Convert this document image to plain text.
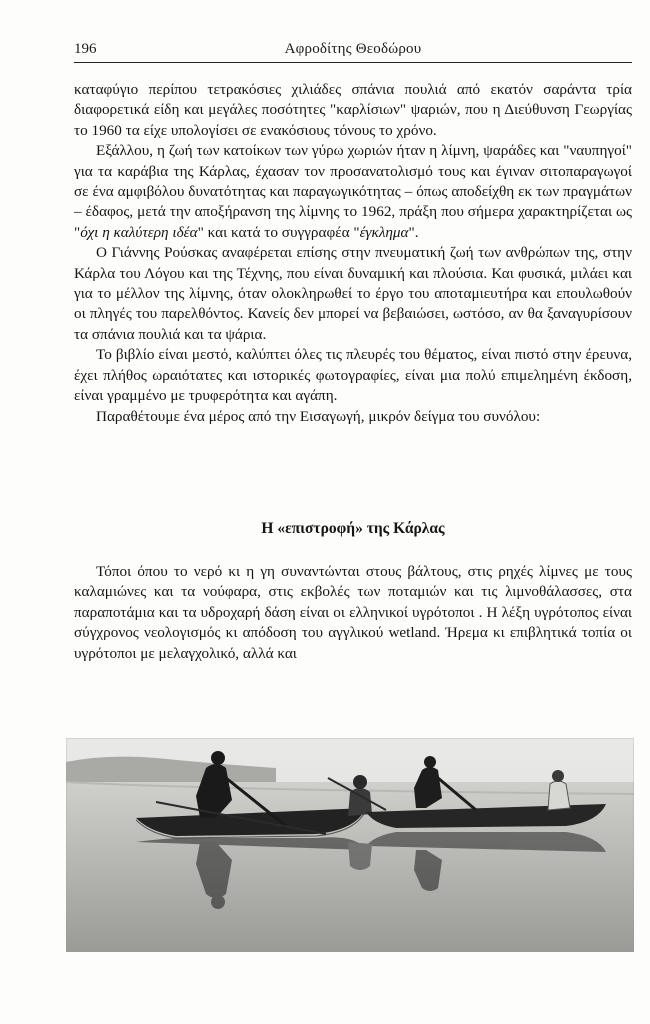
196	Αφροδίτης Θεοδώρου

καταφύγιο περίπου τετρακόσιες χιλιάδες σπάνια πουλιά από εκατόν σαράντα τρία διαφορετικά είδη και μεγάλες ποσότητες "καρλίσιων" ψαριών, που η Διεύθυνση Γεωργίας το 1960 τα είχε υπολογίσει σε ενακόσιους τόνους το χρόνο.

Εξάλλου, η ζωή των κατοίκων των γύρω χωριών ήταν η λίμνη, ψαράδες και "ναυπηγοί" για τα καράβια της Κάρλας, έχασαν τον προσανατολισμό τους και έγιναν σιτοπαραγωγοί σε ένα αμφιβόλου δυνατότητας και παραγωγικότητας – όπως αποδείχθη εκ των πραγμάτων – έδαφος, μετά την αποξήρανση της λίμνης το 1962, πράξη που σήμερα χαρακτηρίζεται ως "όχι η καλύτερη ιδέα" και κατά το συγγραφέα "έγκλημα".

Ο Γιάννης Ρούσκας αναφέρεται επίσης στην πνευματική ζωή των ανθρώπων της, στην Κάρλα του Λόγου και της Τέχνης, που είναι δυναμική και πλούσια. Και φυσικά, μιλάει και για το μέλλον της λίμνης, όταν ολοκληρωθεί το έργο του αποταμιευτήρα και επουλωθούν οι πληγές του παρελθόντος. Κανείς δεν μπορεί να βεβαιώσει, ωστόσο, αν θα ξαναγυρίσουν τα σπάνια πουλιά και τα ψάρια.

Το βιβλίο είναι μεστό, καλύπτει όλες τις πλευρές του θέματος, είναι πιστό στην έρευνα, έχει πλήθος ωραιότατες και ιστορικές φωτογραφίες, είναι μια πολύ επιμελημένη έκδοση, είναι γραμμένο με τρυφερότητα και αγάπη.

Παραθέτουμε ένα μέρος από την Εισαγωγή, μικρόν δείγμα του συνόλου:

Η «επιστροφή» της Κάρλας

Τόποι όπου το νερό κι η γη συναντώνται στους βάλτους, στις ρηχές λίμνες με τους καλαμιώνες και τα νούφαρα, στις εκβολές των ποταμιών και τις λιμνοθάλασσες, στα παραποτάμια και τα υδροχαρή δάση είναι οι ελληνικοί υγρότοποι . Η λέξη υγρότοπος είναι σύγχρονος νεολογισμός κι απόδοση του αγγλικού wetland. Ήρεμα κι επιβλητικά τοπία οι υγρότοποι με μελαγχολικό, αλλά και
